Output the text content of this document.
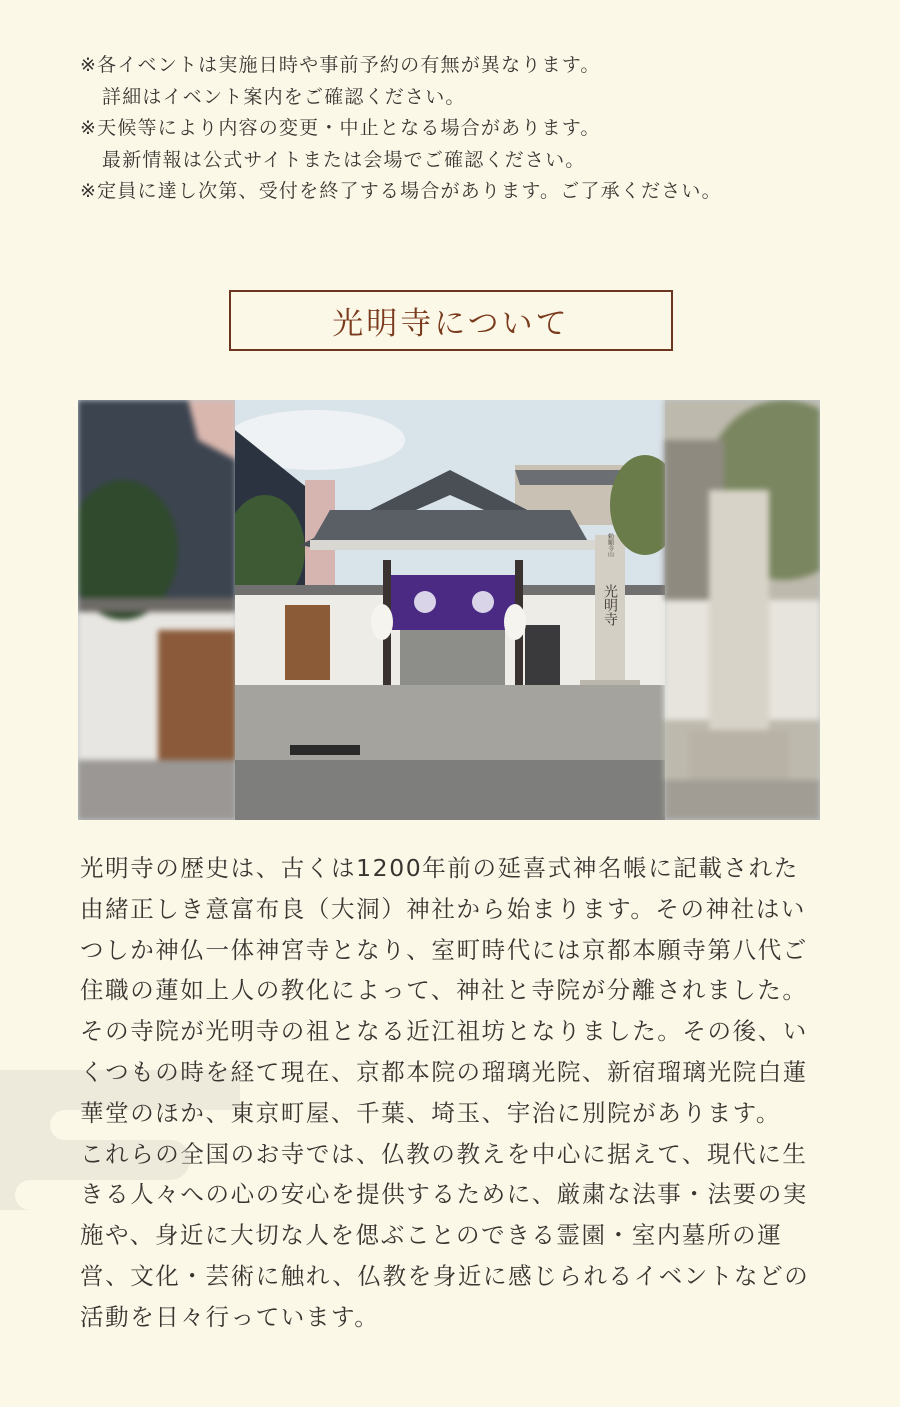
※各イベントは実施日時や事前予約の有無が異なります。

詳細はイベント案内をご確認ください。

※天候等により内容の変更・中止となる場合があります。

最新情報は公式サイトまたは会場でご確認ください。

※定員に達し次第、受付を終了する場合があります。ご了承ください。

光明寺について
光明寺
勅願寺山

光明寺の歴史は、古くは1200年前の延喜式神名帳に記載された由緒正しき意富布良（大洞）神社から始まります。その神社はいつしか神仏一体神宮寺となり、室町時代には京都本願寺第八代ご住職の蓮如上人の教化によって、神社と寺院が分離されました。その寺院が光明寺の祖となる近江祖坊となりました。その後、いくつもの時を経て現在、京都本院の瑠璃光院、新宿瑠璃光院白蓮華堂のほか、東京町屋、千葉、埼玉、宇治に別院があります。

これらの全国のお寺では、仏教の教えを中心に据えて、現代に生きる人々への心の安心を提供するために、厳粛な法事・法要の実施や、身近に大切な人を偲ぶことのできる霊園・室内墓所の運営、文化・芸術に触れ、仏教を身近に感じられるイベントなどの活動を日々行っています。
